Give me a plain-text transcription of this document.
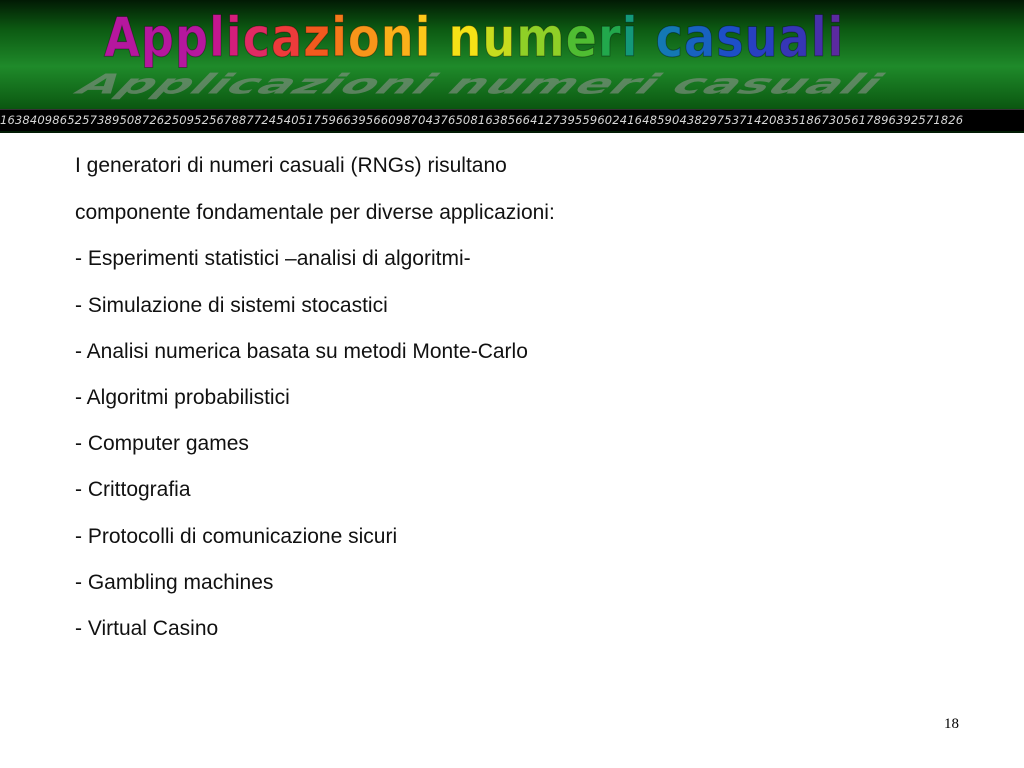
Applicazioni numeri casuali
Applicazioni numeri casuali
163840986525738950872625095256788772454051759663956609870437650816385664127395596024164859043829753714208351867305617896392571826

I generatori di numeri casuali (RNGs) risultano

componente fondamentale per diverse applicazioni:

- Esperimenti statistici –analisi di algoritmi-

- Simulazione di sistemi stocastici

- Analisi numerica basata su metodi Monte-Carlo

- Algoritmi probabilistici

- Computer games

- Crittografia

- Protocolli di comunicazione sicuri

- Gambling machines

- Virtual Casino

18
